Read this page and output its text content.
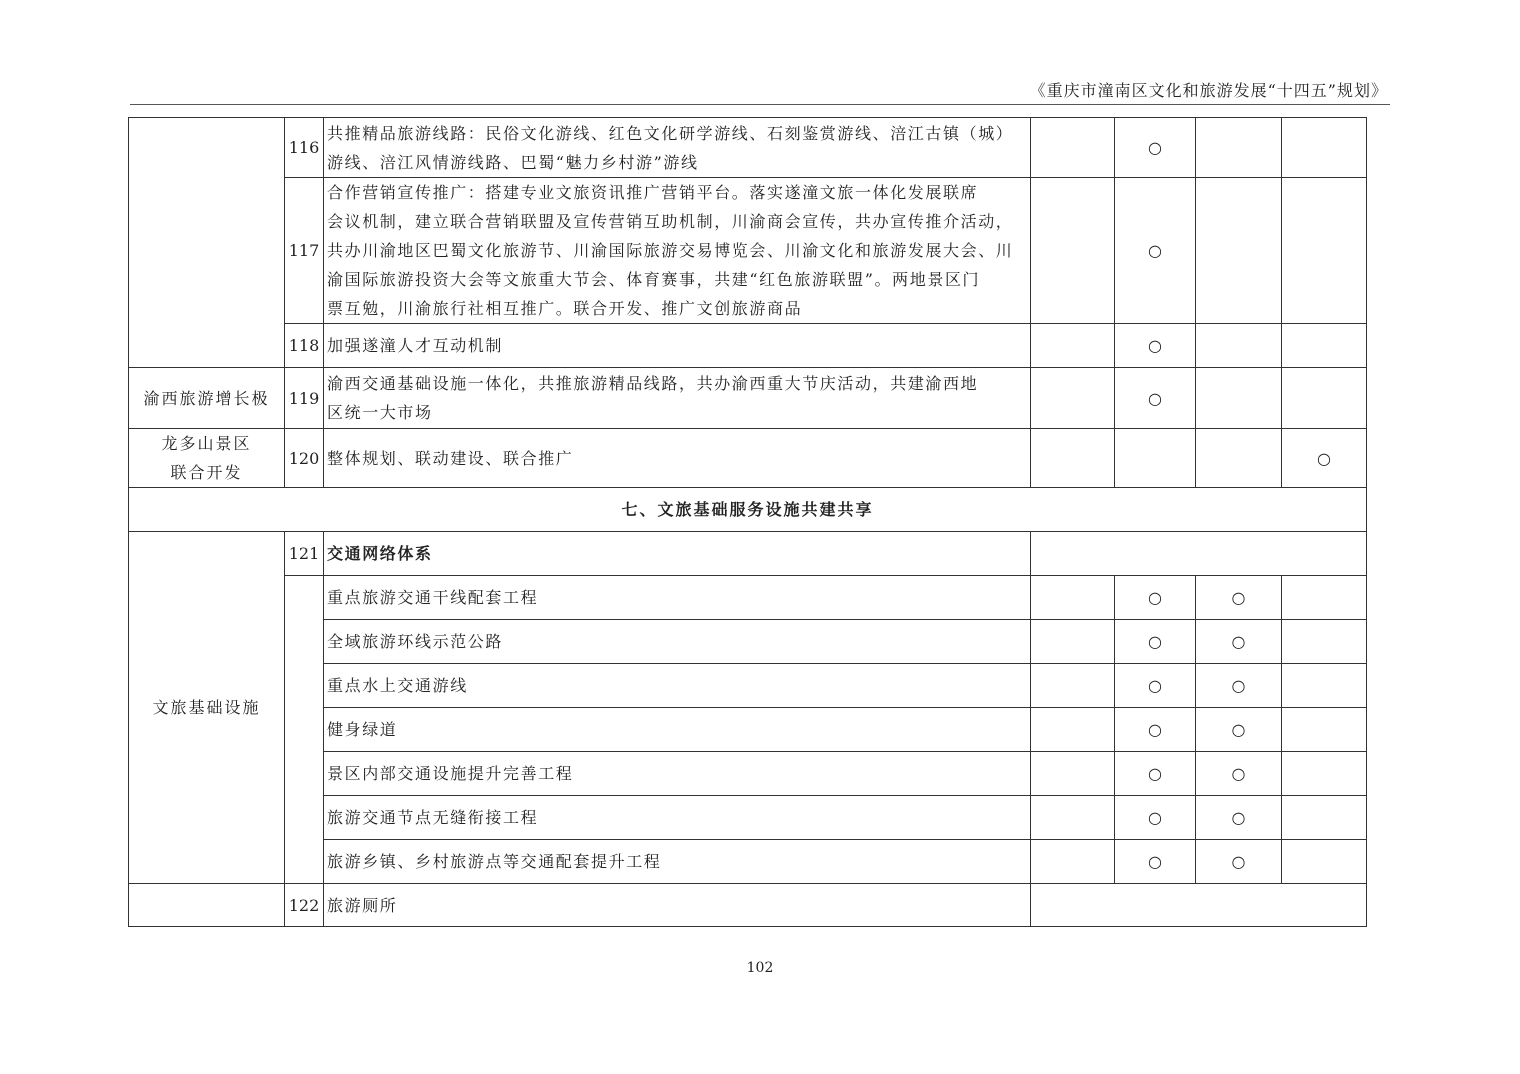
《重庆市潼南区文化和旅游发展“十四五”规划》
	116	共推精品旅游线路：民俗文化游线、红色文化研学游线、石刻鉴赏游线、涪江古镇（城）
游线、涪江风情游线路、巴蜀“魅力乡村游”游线		○		
	117	合作营销宣传推广：搭建专业文旅资讯推广营销平台。落实遂潼文旅一体化发展联席
会议机制，建立联合营销联盟及宣传营销互助机制，川渝商会宣传，共办宣传推介活动，
共办川渝地区巴蜀文化旅游节、川渝国际旅游交易博览会、川渝文化和旅游发展大会、川
渝国际旅游投资大会等文旅重大节会、体育赛事，共建“红色旅游联盟”。两地景区门
票互勉，川渝旅行社相互推广。联合开发、推广文创旅游商品		○		
	118	加强遂潼人才互动机制		○		
渝西旅游增长极	119	渝西交通基础设施一体化，共推旅游精品线路，共办渝西重大节庆活动，共建渝西地
区统一大市场		○		

龙多山景区
联合开发	120	整体规划、联动建设、联合推广				○
七、文旅基础服务设施共建共享						
文旅基础设施	121	交通网络体系				
		重点旅游交通干线配套工程		○	○	
		全域旅游环线示范公路		○	○	
		重点水上交通游线		○	○	
		健身绿道		○	○	
		景区内部交通设施提升完善工程		○	○	
		旅游交通节点无缝衔接工程		○	○	
		旅游乡镇、乡村旅游点等交通配套提升工程		○	○	
	122	旅游厕所				
102
